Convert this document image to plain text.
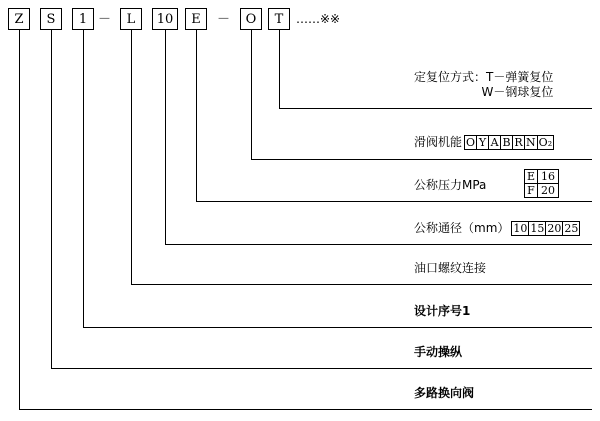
Z	S	1 －	L	10	E	－	O	T	……※※
定复位方式：T－弹簧复位
W－钢球复位
滑阀机能 O Y A B R N O₂
公称压力MPa
E 16
F 20
公称通径（mm） 10 15 20 25
油口螺纹连接
设计序号1
手动操纵
多路换向阀
